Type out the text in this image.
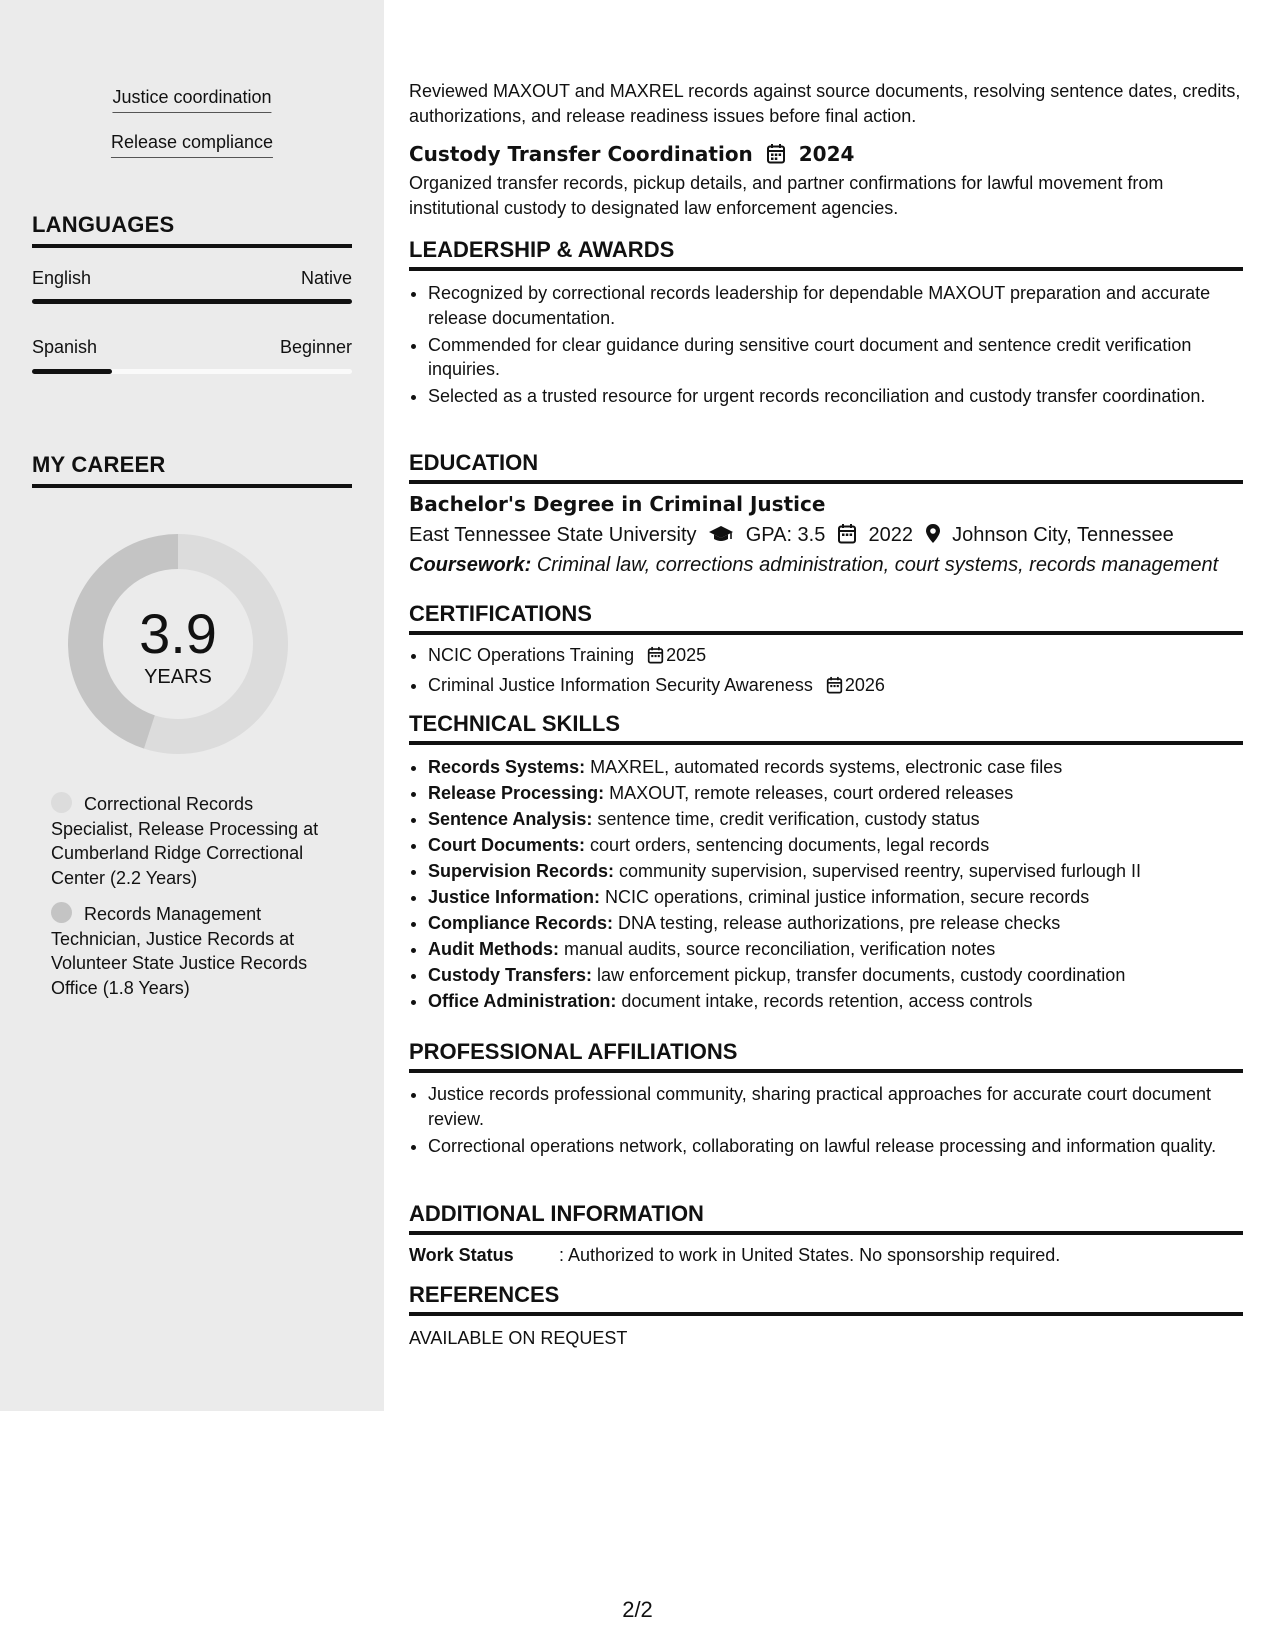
Justice coordination
Release compliance
LANGUAGES
English	Native
Spanish	Beginner
MY CAREER
3.9
YEARS
Correctional Records Specialist, Release Processing at Cumberland Ridge Correctional Center (2.2 Years)
Records Management Technician, Justice Records at Volunteer State Justice Records Office (1.8 Years)
Reviewed MAXOUT and MAXREL records against source documents, resolving sentence dates, credits, authorizations, and release readiness issues before final action.
Custody Transfer Coordination 2024
Organized transfer records, pickup details, and partner confirmations for lawful movement from institutional custody to designated law enforcement agencies.
LEADERSHIP & AWARDS
• Recognized by correctional records leadership for dependable MAXOUT preparation and accurate release documentation.
• Commended for clear guidance during sensitive court document and sentence credit verification inquiries.
• Selected as a trusted resource for urgent records reconciliation and custody transfer coordination.
EDUCATION
Bachelor's Degree in Criminal Justice
East Tennessee State University GPA: 3.5 2022 Johnson City, Tennessee
Coursework: Criminal law, corrections administration, court systems, records management
CERTIFICATIONS
• NCIC Operations Training 2025
• Criminal Justice Information Security Awareness 2026
TECHNICAL SKILLS
• Records Systems: MAXREL, automated records systems, electronic case files
• Release Processing: MAXOUT, remote releases, court ordered releases
• Sentence Analysis: sentence time, credit verification, custody status
• Court Documents: court orders, sentencing documents, legal records
• Supervision Records: community supervision, supervised reentry, supervised furlough II
• Justice Information: NCIC operations, criminal justice information, secure records
• Compliance Records: DNA testing, release authorizations, pre release checks
• Audit Methods: manual audits, source reconciliation, verification notes
• Custody Transfers: law enforcement pickup, transfer documents, custody coordination
• Office Administration: document intake, records retention, access controls
PROFESSIONAL AFFILIATIONS
• Justice records professional community, sharing practical approaches for accurate court document review.
• Correctional operations network, collaborating on lawful release processing and information quality.
ADDITIONAL INFORMATION
Work Status	: Authorized to work in United States. No sponsorship required.
REFERENCES
AVAILABLE ON REQUEST
2/2
